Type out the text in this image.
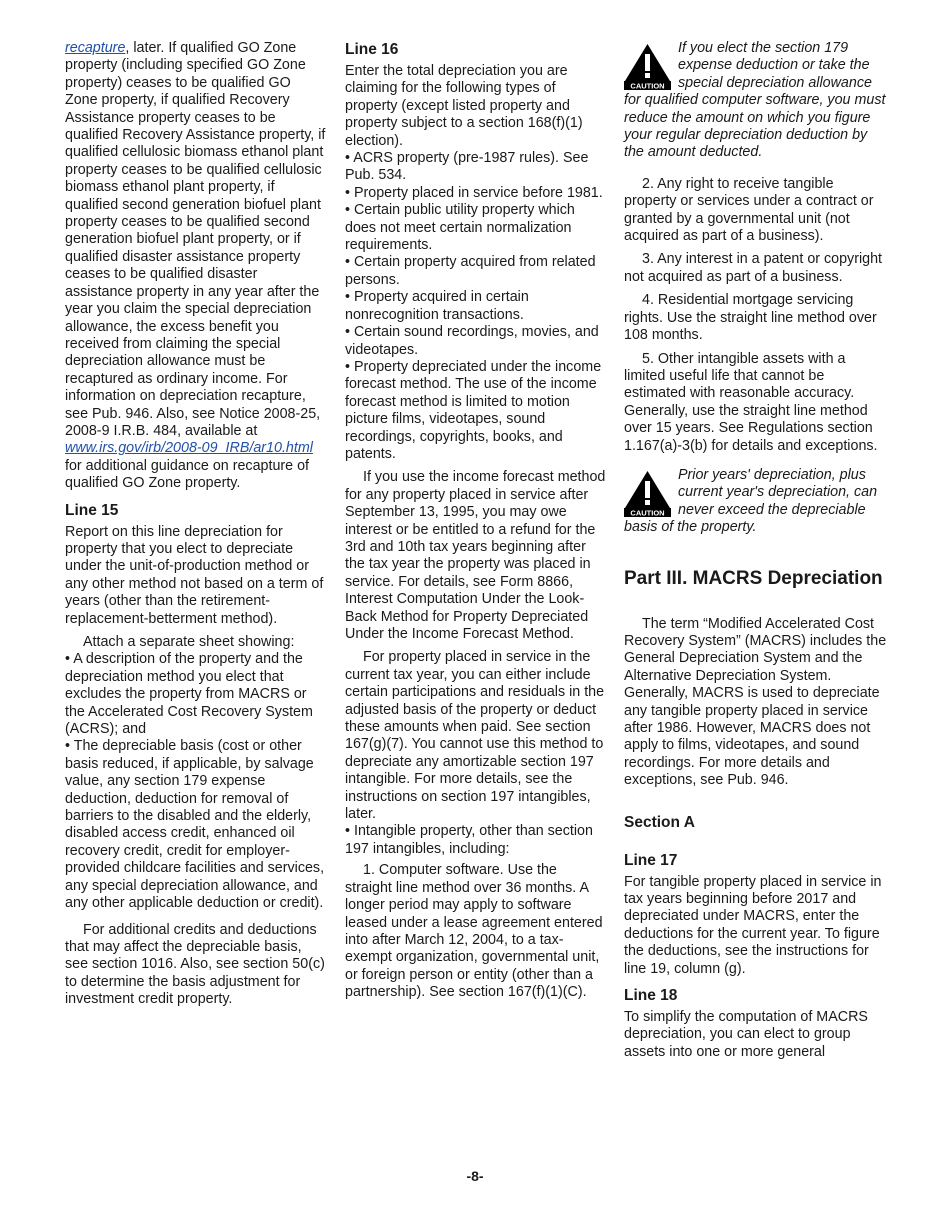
recapture, later. If qualified GO Zone property (including specified GO Zone property) ceases to be qualified GO Zone property, if qualified Recovery Assistance property ceases to be qualified Recovery Assistance property, if qualified cellulosic biomass ethanol plant property ceases to be qualified cellulosic biomass ethanol plant property, if qualified second generation biofuel plant property ceases to be qualified second generation biofuel plant property, or if qualified disaster assistance property ceases to be qualified disaster assistance property in any year after the year you claim the special depreciation allowance, the excess benefit you received from claiming the special depreciation allowance must be recaptured as ordinary income. For information on depreciation recapture, see Pub. 946. Also, see Notice 2008-25, 2008-9 I.R.B. 484, available at www.irs.gov/irb/2008-09_IRB/ar10.html for additional guidance on recapture of qualified GO Zone property.

Line 15

Report on this line depreciation for property that you elect to depreciate under the unit-of-production method or any other method not based on a term of years (other than the retirement-replacement-betterment method).

Attach a separate sheet showing:

• A description of the property and the depreciation method you elect that excludes the property from MACRS or the Accelerated Cost Recovery System (ACRS); and

• The depreciable basis (cost or other basis reduced, if applicable, by salvage value, any section 179 expense deduction, deduction for removal of barriers to the disabled and the elderly, disabled access credit, enhanced oil recovery credit, credit for employer-provided childcare facilities and services, any special depreciation allowance, and any other applicable deduction or credit).

For additional credits and deductions that may affect the depreciable basis, see section 1016. Also, see section 50(c) to determine the basis adjustment for investment credit property.

Line 16

Enter the total depreciation you are claiming for the following types of property (except listed property and property subject to a section 168(f)(1) election).

• ACRS property (pre-1987 rules). See Pub. 534.

• Property placed in service before 1981.

• Certain public utility property which does not meet certain normalization requirements.

• Certain property acquired from related persons.

• Property acquired in certain nonrecognition transactions.

• Certain sound recordings, movies, and videotapes.

• Property depreciated under the income forecast method. The use of the income forecast method is limited to motion picture films, videotapes, sound recordings, copyrights, books, and patents.

If you use the income forecast method for any property placed in service after September 13, 1995, you may owe interest or be entitled to a refund for the 3rd and 10th tax years beginning after the tax year the property was placed in service. For details, see Form 8866, Interest Computation Under the Look-Back Method for Property Depreciated Under the Income Forecast Method.

For property placed in service in the current tax year, you can either include certain participations and residuals in the adjusted basis of the property or deduct these amounts when paid. See section 167(g)(7). You cannot use this method to depreciate any amortizable section 197 intangible. For more details, see the instructions on section 197 intangibles, later.

• Intangible property, other than section 197 intangibles, including:

1. Computer software. Use the straight line method over 36 months. A longer period may apply to software leased under a lease agreement entered into after March 12, 2004, to a tax-exempt organization, governmental unit, or foreign person or entity (other than a partnership). See section 167(f)(1)(C).

CAUTION
If you elect the section 179 expense deduction or take the special depreciation allowance for qualified computer software, you must reduce the amount on which you figure your regular depreciation deduction by the amount deducted.

2. Any right to receive tangible property or services under a contract or granted by a governmental unit (not acquired as part of a business).

3. Any interest in a patent or copyright not acquired as part of a business.

4. Residential mortgage servicing rights. Use the straight line method over 108 months.

5. Other intangible assets with a limited useful life that cannot be estimated with reasonable accuracy. Generally, use the straight line method over 15 years. See Regulations section 1.167(a)-3(b) for details and exceptions.

CAUTION
Prior years' depreciation, plus current year's depreciation, can never exceed the depreciable basis of the property.
Part III. MACRS Depreciation

The term “Modified Accelerated Cost Recovery System” (MACRS) includes the General Depreciation System and the Alternative Depreciation System. Generally, MACRS is used to depreciate any tangible property placed in service after 1986. However, MACRS does not apply to films, videotapes, and sound recordings. For more details and exceptions, see Pub. 946.

Section A
Line 17

For tangible property placed in service in tax years beginning before 2017 and depreciated under MACRS, enter the deductions for the current year. To figure the deductions, see the instructions for line 19, column (g).

Line 18

To simplify the computation of MACRS depreciation, you can elect to group assets into one or more general

-8-
